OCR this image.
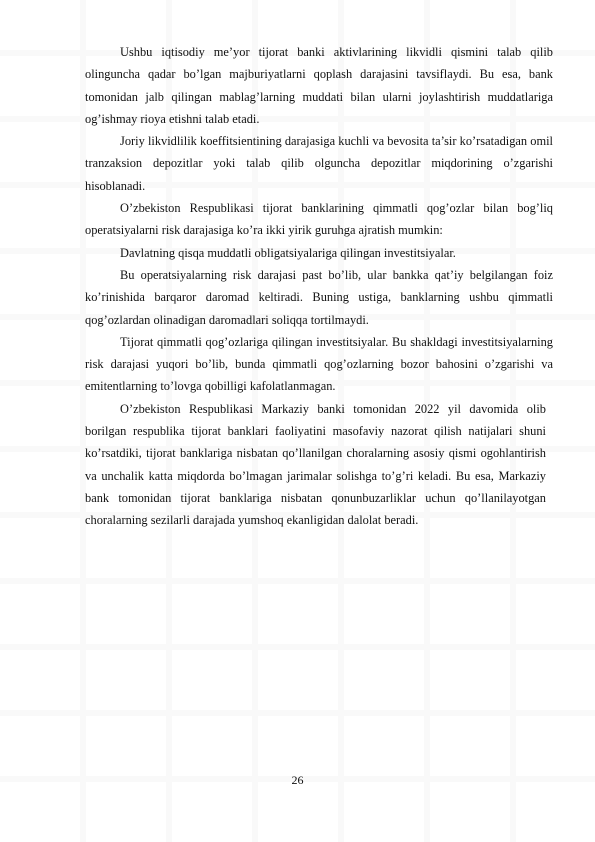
Ushbu iqtisodiy me’yor tijorat banki aktivlarining likvidli qismini talab qilib olinguncha qadar bo’lgan majburiyatlarni qoplash darajasini tavsiflaydi. Bu esa, bank tomonidan jalb qilingan mablag’larning muddati bilan ularni joylashtirish muddatlariga og’ishmay rioya etishni talab etadi.

Joriy likvidlilik koeffitsientining darajasiga kuchli va bevosita ta’sir ko’rsatadigan omil tranzaksion depozitlar yoki talab qilib olguncha depozitlar miqdorining o’zgarishi hisoblanadi.

O’zbekiston Respublikasi tijorat banklarining qimmatli qog’ozlar bilan bog’liq operatsiyalarni risk darajasiga ko’ra ikki yirik guruhga ajratish mumkin:

Davlatning qisqa muddatli obligatsiyalariga qilingan investitsiyalar.

Bu operatsiyalarning risk darajasi past bo’lib, ular bankka qat’iy belgilangan foiz ko’rinishida barqaror daromad keltiradi. Buning ustiga, banklarning ushbu qimmatli qog’ozlardan olinadigan daromadlari soliqqa tortilmaydi.

Tijorat qimmatli qog’ozlariga qilingan investitsiyalar. Bu shakldagi investitsiyalarning risk darajasi yuqori bo’lib, bunda qimmatli qog’ozlarning bozor bahosini o’zgarishi va emitentlarning to’lovga qobilligi kafolatlanmagan.

O’zbekiston Respublikasi Markaziy banki tomonidan 2022 yil davomida olib borilgan respublika tijorat banklari faoliyatini masofaviy nazorat qilish natijalari shuni ko’rsatdiki, tijorat banklariga nisbatan qo’llanilgan choralarning asosiy qismi ogohlantirish va unchalik katta miqdorda bo’lmagan jarimalar solishga to’g’ri keladi. Bu esa, Markaziy bank tomonidan tijorat banklariga nisbatan qonunbuzarliklar uchun qo’llanilayotgan choralarning sezilarli darajada yumshoq ekanligidan dalolat beradi.

26
